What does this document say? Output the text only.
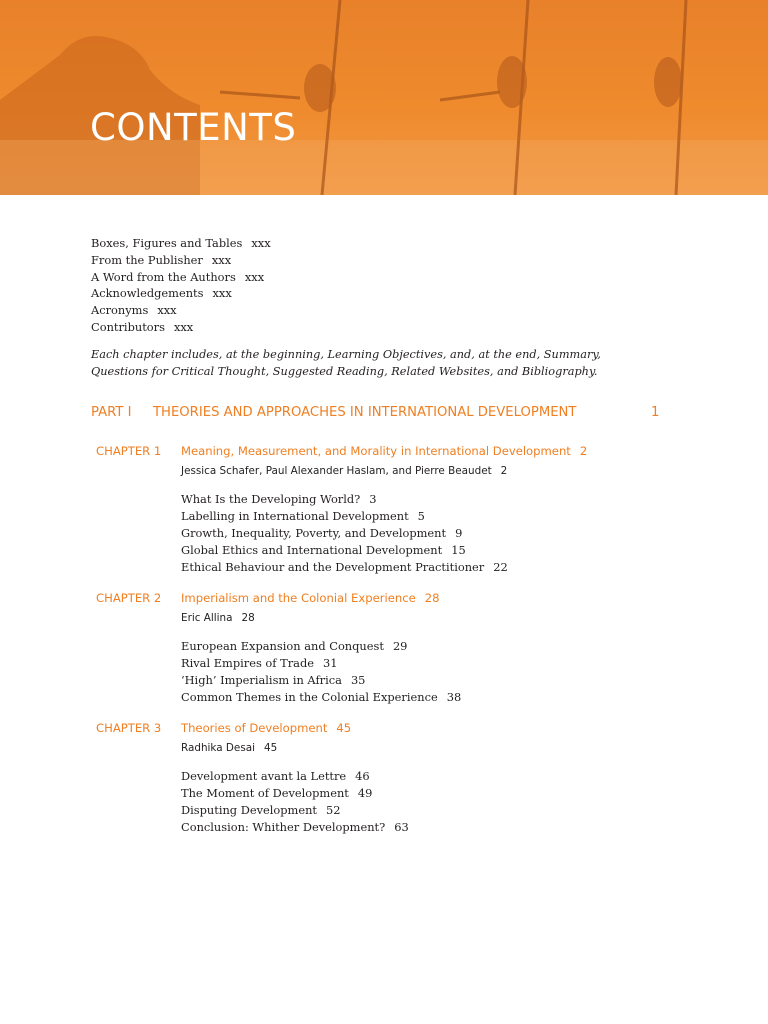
CONTENTS
Boxes, Figures and Tables xxx
From the Publisher xxx
A Word from the Authors xxx
Acknowledgements xxx
Acronyms xxx
Contributors xxx

Each chapter includes, at the beginning, Learning Objectives, and, at the end, Summary, Questions for Critical Thought, Suggested Reading, Related Websites, and Bibliography.

PART I THEORIES AND APPROACHES IN INTERNATIONAL DEVELOPMENT	1
CHAPTER 1 Meaning, Measurement, and Morality in International Development 2
Jessica Schafer, Paul Alexander Haslam, and Pierre Beaudet 2
What Is the Developing World? 3
Labelling in International Development 5
Growth, Inequality, Poverty, and Development 9
Global Ethics and International Development 15
Ethical Behaviour and the Development Practitioner 22
CHAPTER 2 Imperialism and the Colonial Experience 28
Eric Allina 28
European Expansion and Conquest 29
Rival Empires of Trade 31
‘High’ Imperialism in Africa 35
Common Themes in the Colonial Experience 38
CHAPTER 3 Theories of Development 45
Radhika Desai 45
Development avant la Lettre 46
The Moment of Development 49
Disputing Development 52
Conclusion: Whither Development? 63
